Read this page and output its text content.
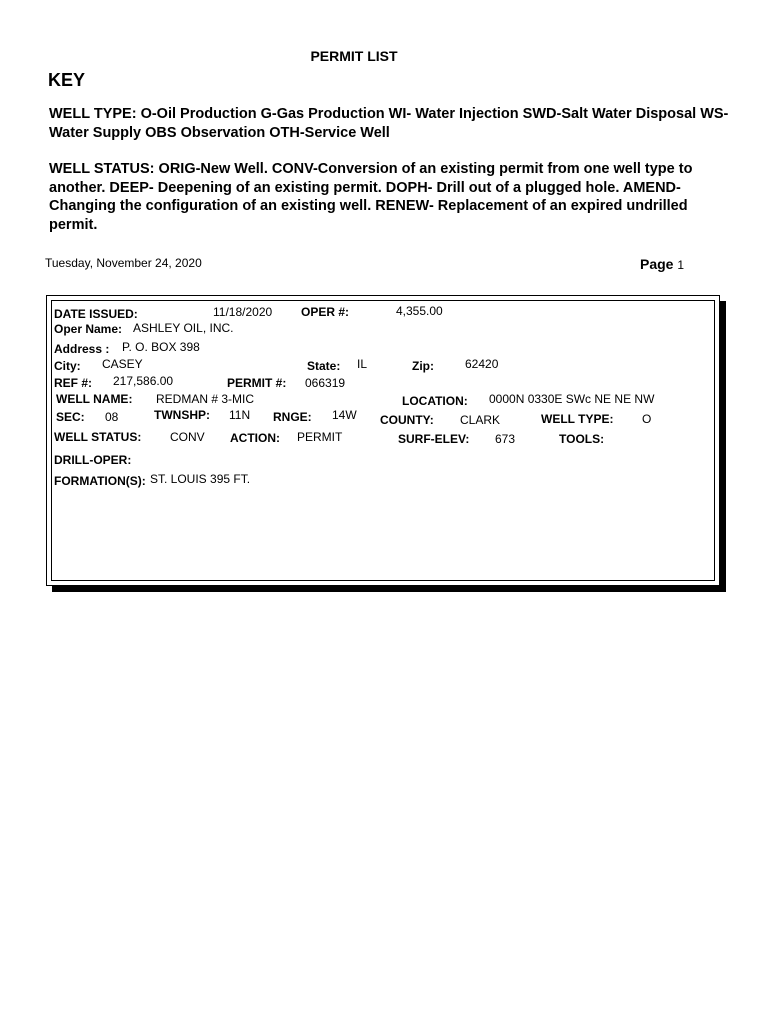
PERMIT LIST
KEY
WELL TYPE: O-Oil Production G-Gas Production WI- Water Injection SWD-Salt Water Disposal WS-Water Supply OBS Observation OTH-Service Well
WELL STATUS: ORIG-New Well. CONV-Conversion of an existing permit from one well type to another. DEEP- Deepening of an existing permit. DOPH- Drill out of a plugged hole. AMEND-Changing the configuration of an existing well. RENEW- Replacement of an expired undrilled permit.
Tuesday, November 24, 2020	Page 1
DATE ISSUED:	11/18/2020 OPER #:	4,355.00
Oper Name: ASHLEY OIL, INC.
Address : P. O. BOX 398
City: CASEY	State: IL	Zip:	62420
REF #: 217,586.00	PERMIT #: 066319
WELL NAME: REDMAN # 3-MIC	LOCATION: 0000N 0330E SWc NE NE NW
SEC: 08	TWNSHP: 11N RNGE: 14W COUNTY: CLARK	WELL TYPE: O
WELL STATUS: CONV ACTION: PERMIT	SURF-ELEV: 673	TOOLS:
DRILL-OPER:
FORMATION(S): ST. LOUIS 395 FT.
